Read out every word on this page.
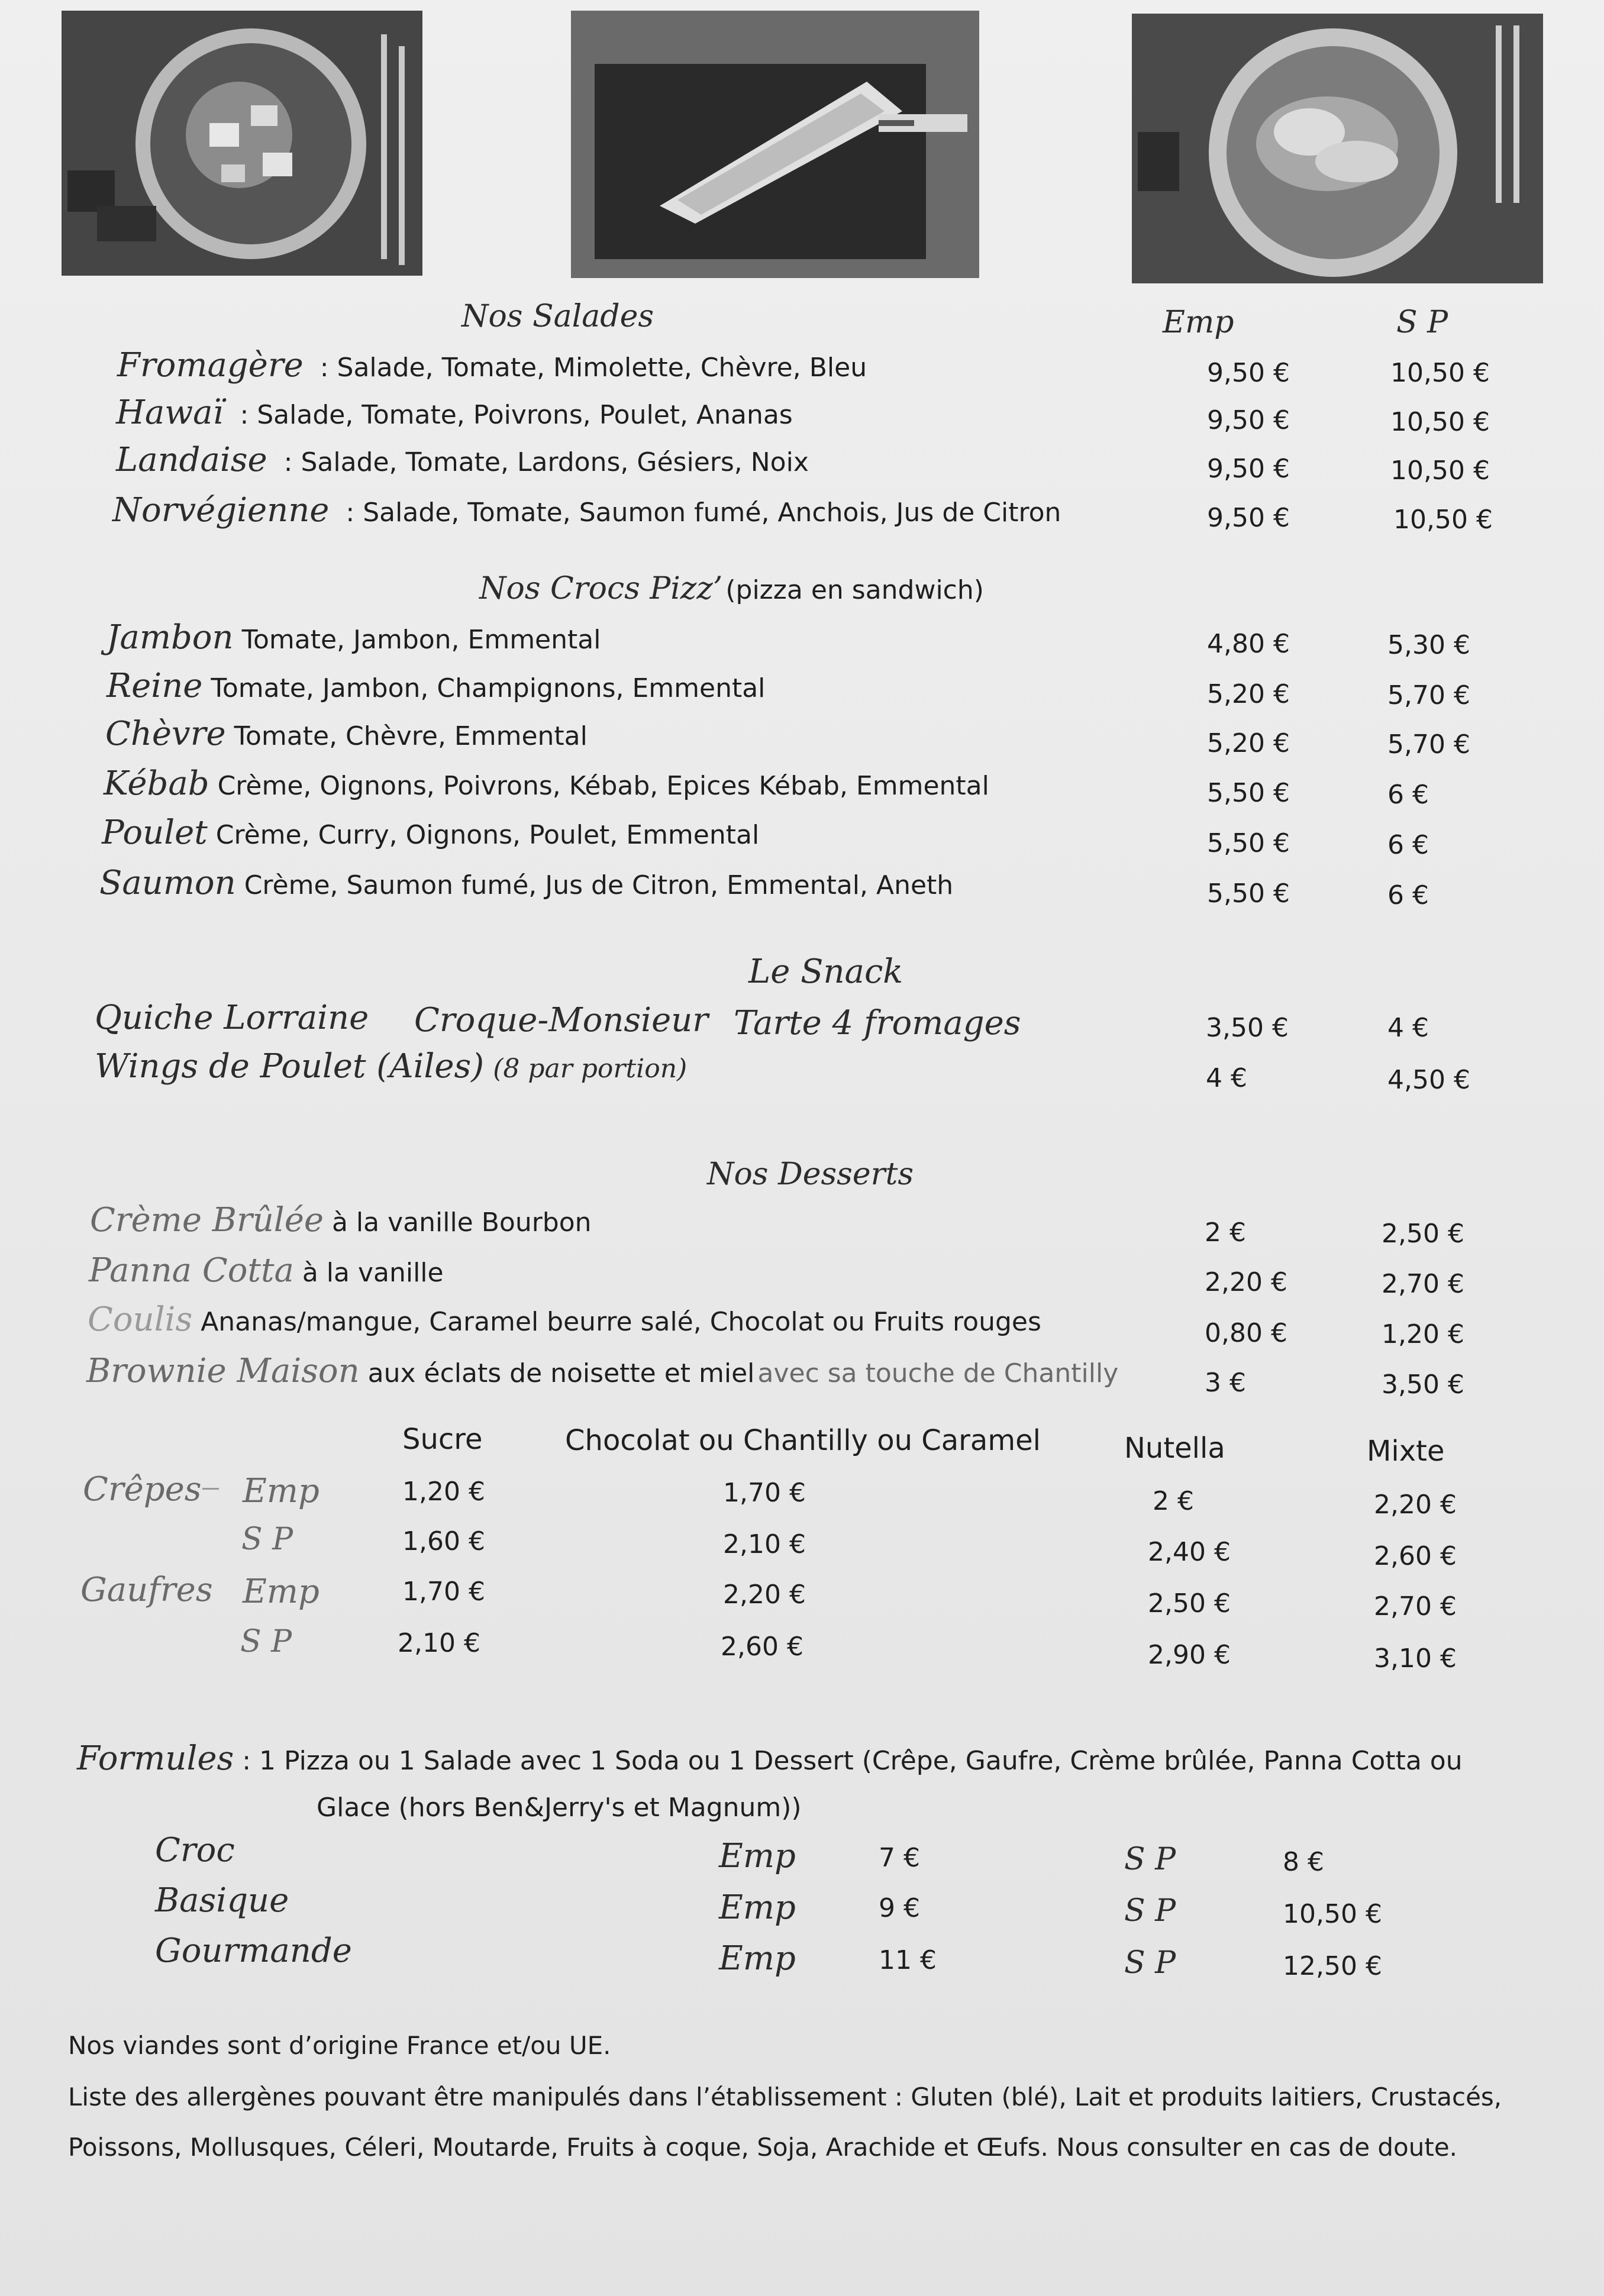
Nos Salades	Emp	S P
Fromagère : Salade, Tomate, Mimolette, Chèvre, Bleu	9,50 €	10,50 €
Hawaï : Salade, Tomate, Poivrons, Poulet, Ananas	9,50 €	10,50 €
Landaise : Salade, Tomate, Lardons, Gésiers, Noix	9,50 €	10,50 €
Norvégienne : Salade, Tomate, Saumon fumé, Anchois, Jus de Citron	9,50 €	10,50 €
Nos Crocs Pizz’ (pizza en sandwich)
Jambon Tomate, Jambon, Emmental	4,80 €	5,30 €
Reine Tomate, Jambon, Champignons, Emmental	5,20 €	5,70 €
Chèvre Tomate, Chèvre, Emmental	5,20 €	5,70 €
Kébab Crème, Oignons, Poivrons, Kébab, Epices Kébab, Emmental	5,50 €	6 €
Poulet Crème, Curry, Oignons, Poulet, Emmental	5,50 €	6 €
Saumon Crème, Saumon fumé, Jus de Citron, Emmental, Aneth	5,50 €	6 €
Le Snack
Quiche Lorraine Croque-Monsieur Tarte 4 fromages	3,50 €	4 €
Wings de Poulet (Ailes) (8 par portion)	4 €	4,50 €
Nos Desserts
Crème Brûlée à la vanille Bourbon	2 €	2,50 €
Panna Cotta à la vanille	2,20 €	2,70 €
Coulis Ananas/mangue, Caramel beurre salé, Chocolat ou Fruits rouges	0,80 €	1,20 €
Brownie Maison aux éclats de noisette et miel avec sa touche de Chantilly	3 €	3,50 €
Sucre	Chocolat ou Chantilly ou Caramel	Nutella	Mixte
Crêpes Emp	1,20 €	1,70 €	2 €	2,20 €
S P	1,60 €	2,10 €	2,40 €	2,60 €
Gaufres Emp	1,70 €	2,20 €	2,50 €	2,70 €
S P	2,10 €	2,60 €	2,90 €	3,10 €
Formules : 1 Pizza ou 1 Salade avec 1 Soda ou 1 Dessert (Crêpe, Gaufre, Crème brûlée, Panna Cotta ou
Glace (hors Ben&Jerry's et Magnum))
Croc	Emp	7 €	S P	8 €
Basique	Emp	9 €	S P	10,50 €
Gourmande	Emp	11 €	S P	12,50 €
Nos viandes sont d’origine France et/ou UE.
Liste des allergènes pouvant être manipulés dans l’établissement : Gluten (blé), Lait et produits laitiers, Crustacés,
Poissons, Mollusques, Céleri, Moutarde, Fruits à coque, Soja, Arachide et Œufs. Nous consulter en cas de doute.
